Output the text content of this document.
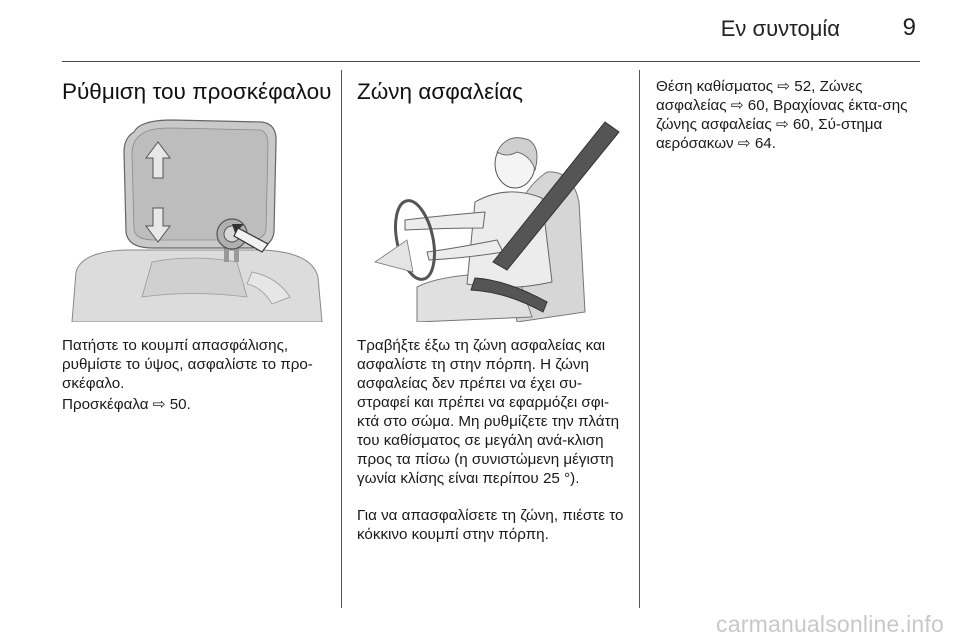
Εν συντομία	9
Ρύθμιση του προσκέφαλου

Πατήστε το κουμπί απασφάλισης, ρυθμίστε το ύψος, ασφαλίστε το προ-σκέφαλο.

Προσκέφαλα ⇨ 50.

Ζώνη ασφαλείας

Τραβήξτε έξω τη ζώνη ασφαλείας και ασφαλίστε τη στην πόρπη. Η ζώνη ασφαλείας δεν πρέπει να έχει συ-στραφεί και πρέπει να εφαρμόζει σφι-κτά στο σώμα. Μη ρυθμίζετε την πλάτη του καθίσματος σε μεγάλη ανά-κλιση προς τα πίσω (η συνιστώμενη μέγιστη γωνία κλίσης είναι περίπου 25 °).

Για να απασφαλίσετε τη ζώνη, πιέστε το κόκκινο κουμπί στην πόρπη.

Θέση καθίσματος ⇨ 52, Ζώνες ασφαλείας ⇨ 60, Βραχίονας έκτα-σης ζώνης ασφαλείας ⇨ 60, Σύ-στημα αερόσακων ⇨ 64.

carmanualsonline.info
